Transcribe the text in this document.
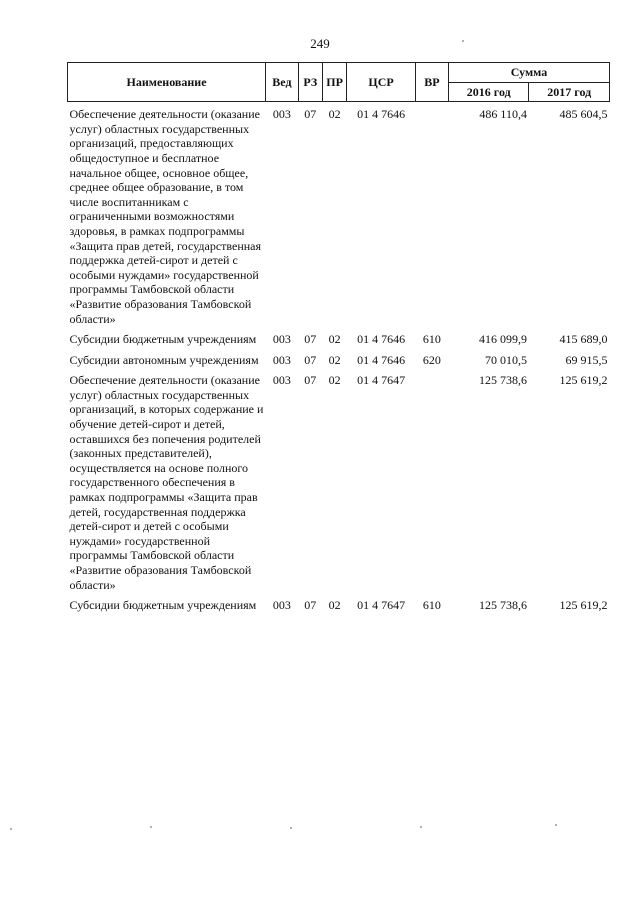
249
Наименование	Вед	РЗ	ПР	ЦСР	ВР	Сумма	
						2016 год	2017 год
Обеспечение деятельности (оказание услуг) областных государственных организаций, предоставляющих общедоступное и бесплатное начальное общее, основное общее, среднее общее образование, в том числе воспитанникам с ограниченными возможностями здоровья, в рамках подпрограммы «Защита прав детей, государственная поддержка детей-сирот и детей с особыми нуждами» государственной программы Тамбовской области «Развитие образования Тамбовской области»	003	07	02	01 4 7646		486 110,4	485 604,5
Субсидии бюджетным учреждениям	003	07	02	01 4 7646	610	416 099,9	415 689,0
Субсидии автономным учреждениям	003	07	02	01 4 7646	620	70 010,5	69 915,5
Обеспечение деятельности (оказание услуг) областных государственных организаций, в которых содержание и обучение детей-сирот и детей, оставшихся без попечения родителей (законных представителей), осуществляется на основе полного государственного обеспечения в рамках подпрограммы «Защита прав детей, государственная поддержка детей-сирот и детей с особыми нуждами» государственной программы Тамбовской области «Развитие образования Тамбовской области»	003	07	02	01 4 7647		125 738,6	125 619,2
Субсидии бюджетным учреждениям	003	07	02	01 4 7647	610	125 738,6	125 619,2
